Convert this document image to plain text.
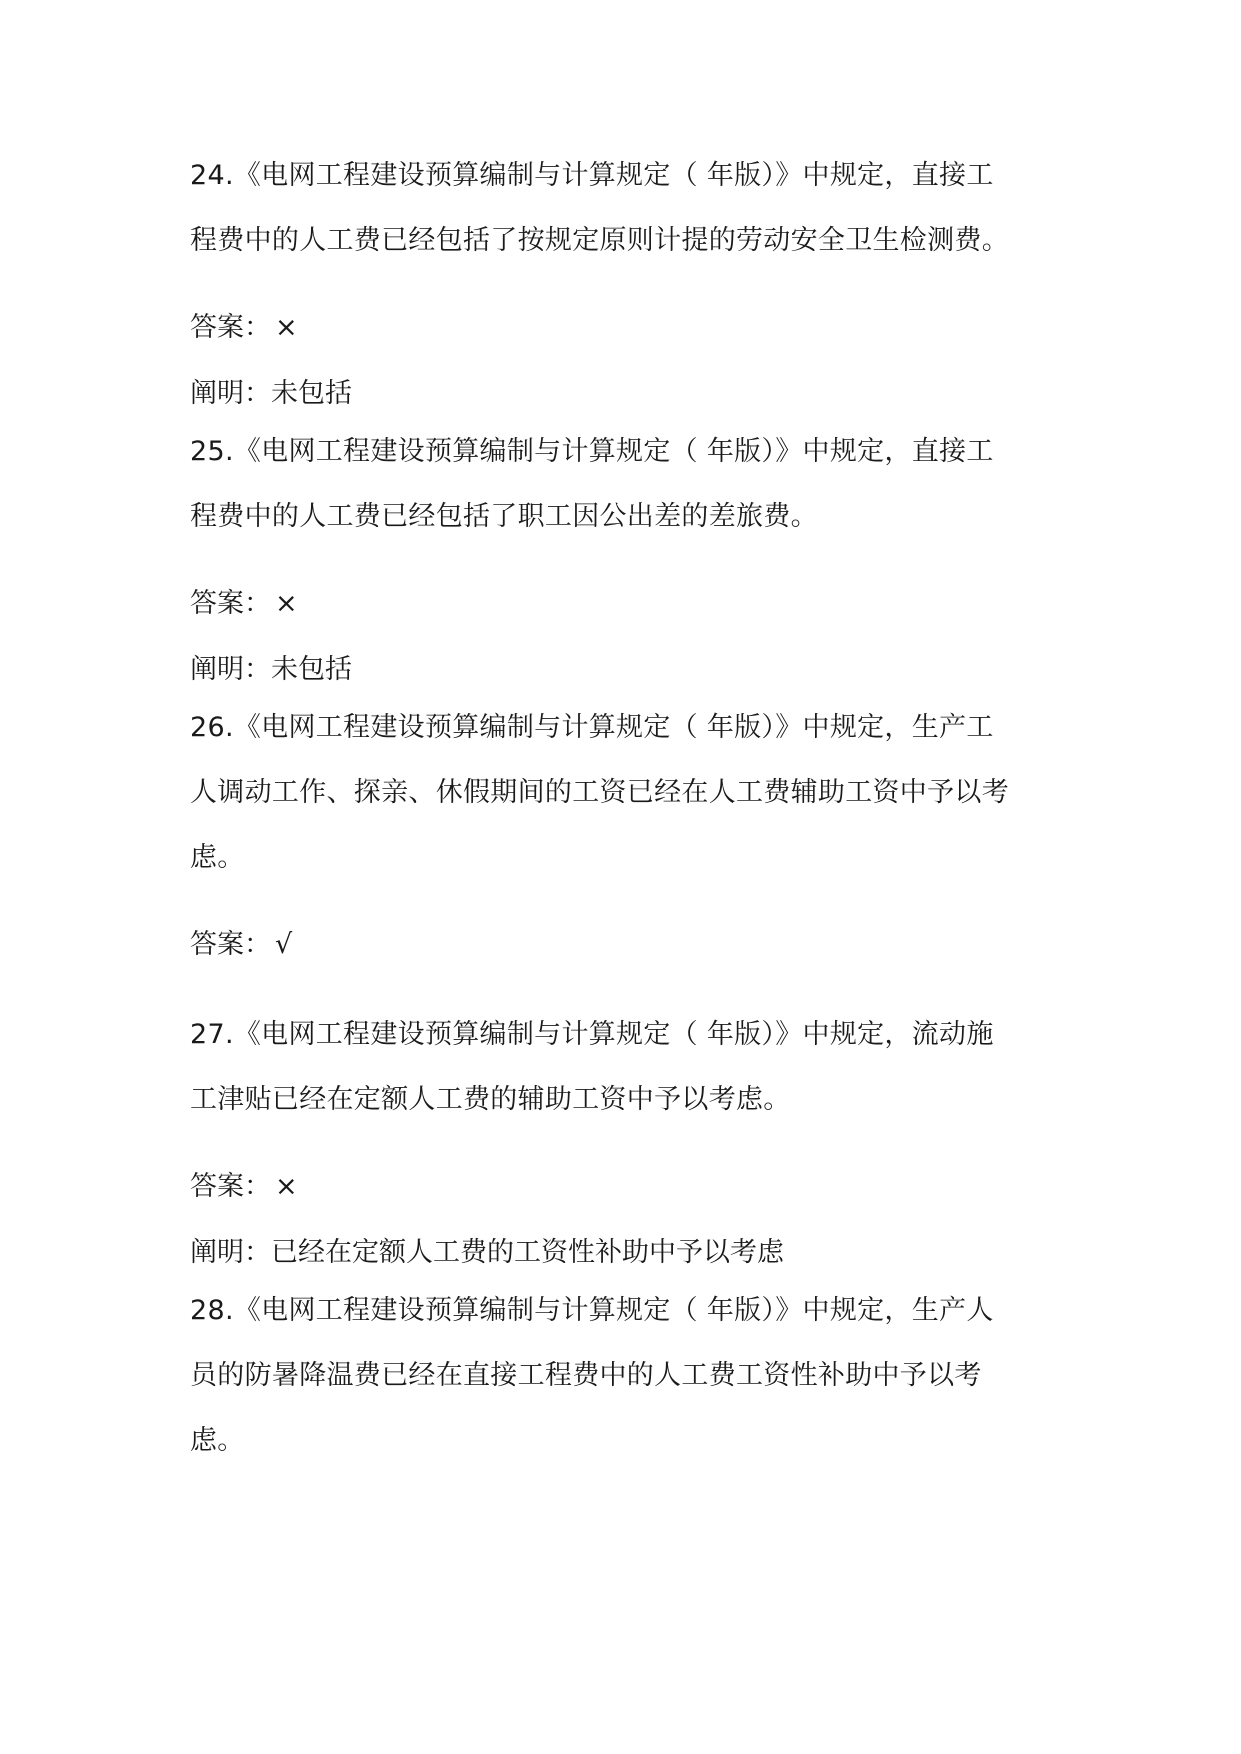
24.《电网工程建设预算编制与计算规定（ 年版）》中规定，直接工
程费中的人工费已经包括了按规定原则计提的劳动安全卫生检测费。
答案： ×
阐明：未包括
25.《电网工程建设预算编制与计算规定（ 年版）》中规定，直接工
程费中的人工费已经包括了职工因公出差的差旅费。
答案： ×
阐明：未包括
26.《电网工程建设预算编制与计算规定（ 年版）》中规定，生产工
人调动工作、探亲、休假期间的工资已经在人工费辅助工资中予以考
虑。
答案： √
27.《电网工程建设预算编制与计算规定（ 年版）》中规定，流动施
工津贴已经在定额人工费的辅助工资中予以考虑。
答案： ×
阐明：已经在定额人工费的工资性补助中予以考虑
28.《电网工程建设预算编制与计算规定（ 年版）》中规定，生产人
员的防暑降温费已经在直接工程费中的人工费工资性补助中予以考
虑。
